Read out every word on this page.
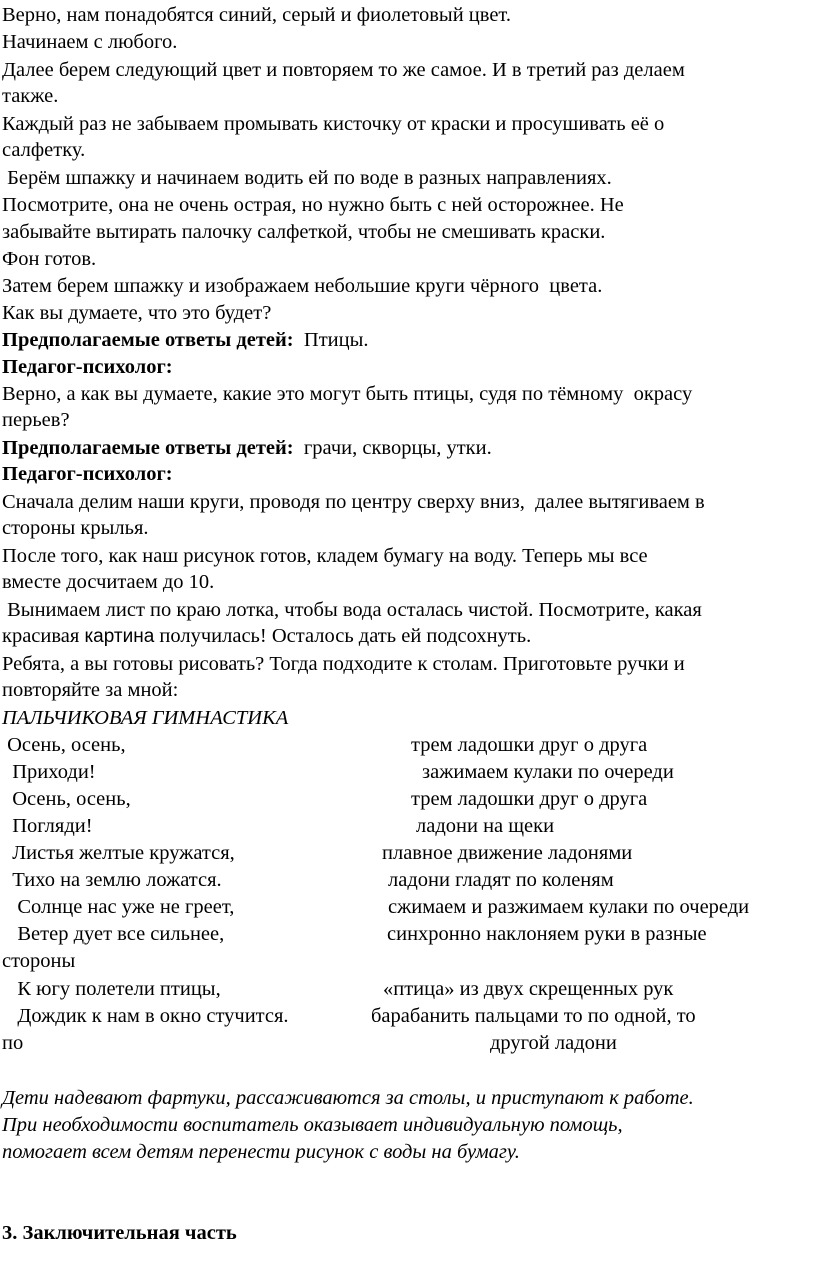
Верно, нам понадобятся синий, серый и фиолетовый цвет.
Начинаем с любого.
Далее берем следующий цвет и повторяем то же самое. И в третий раз делаем
также.
Каждый раз не забываем промывать кисточку от краски и просушивать её о
салфетку.
Берём шпажку и начинаем водить ей по воде в разных направлениях.
Посмотрите, она не очень острая, но нужно быть с ней осторожнее. Не
забывайте вытирать палочку салфеткой, чтобы не смешивать краски.
Фон готов.
Затем берем шпажку и изображаем небольшие круги чёрного  цвета.
Как вы думаете, что это будет?
Предполагаемые ответы детей: Птицы.
Педагог-психолог:
Верно, а как вы думаете, какие это могут быть птицы, судя по тёмному  окрасу
перьев?
Предполагаемые ответы детей: грачи, скворцы, утки.
Педагог-психолог:
Сначала делим наши круги, проводя по центру сверху вниз,  далее вытягиваем в
стороны крылья.
После того, как наш рисунок готов, кладем бумагу на воду. Теперь мы все
вместе досчитаем до 10.
Вынимаем лист по краю лотка, чтобы вода осталась чистой. Посмотрите, какая
красивая картина получилась! Осталось дать ей подсохнуть.
Ребята, а вы готовы рисовать? Тогда подходите к столам. Приготовьте ручки и
повторяйте за мной:
ПАЛЬЧИКОВАЯ ГИМНАСТИКА
Осень, осень,	трем ладошки друг о друга
Приходи!	зажимаем кулаки по очереди
Осень, осень,	трем ладошки друг о друга
Погляди!	ладони на щеки
Листья желтые кружатся,	плавное движение ладонями
Тихо на землю ложатся.	ладони гладят по коленям
Солнце нас уже не греет,	сжимаем и разжимаем кулаки по очереди
Ветер дует все сильнее,	синхронно наклоняем руки в разные
стороны
К югу полетели птицы,	«птица» из двух скрещенных рук
Дождик к нам в окно стучится.	барабанить пальцами то по одной, то
по	другой ладони
Дети надевают фартуки, рассаживаются за столы, и приступают к работе.
При необходимости воспитатель оказывает индивидуальную помощь,
помогает всем детям перенести рисунок с воды на бумагу.
3. Заключительная часть
